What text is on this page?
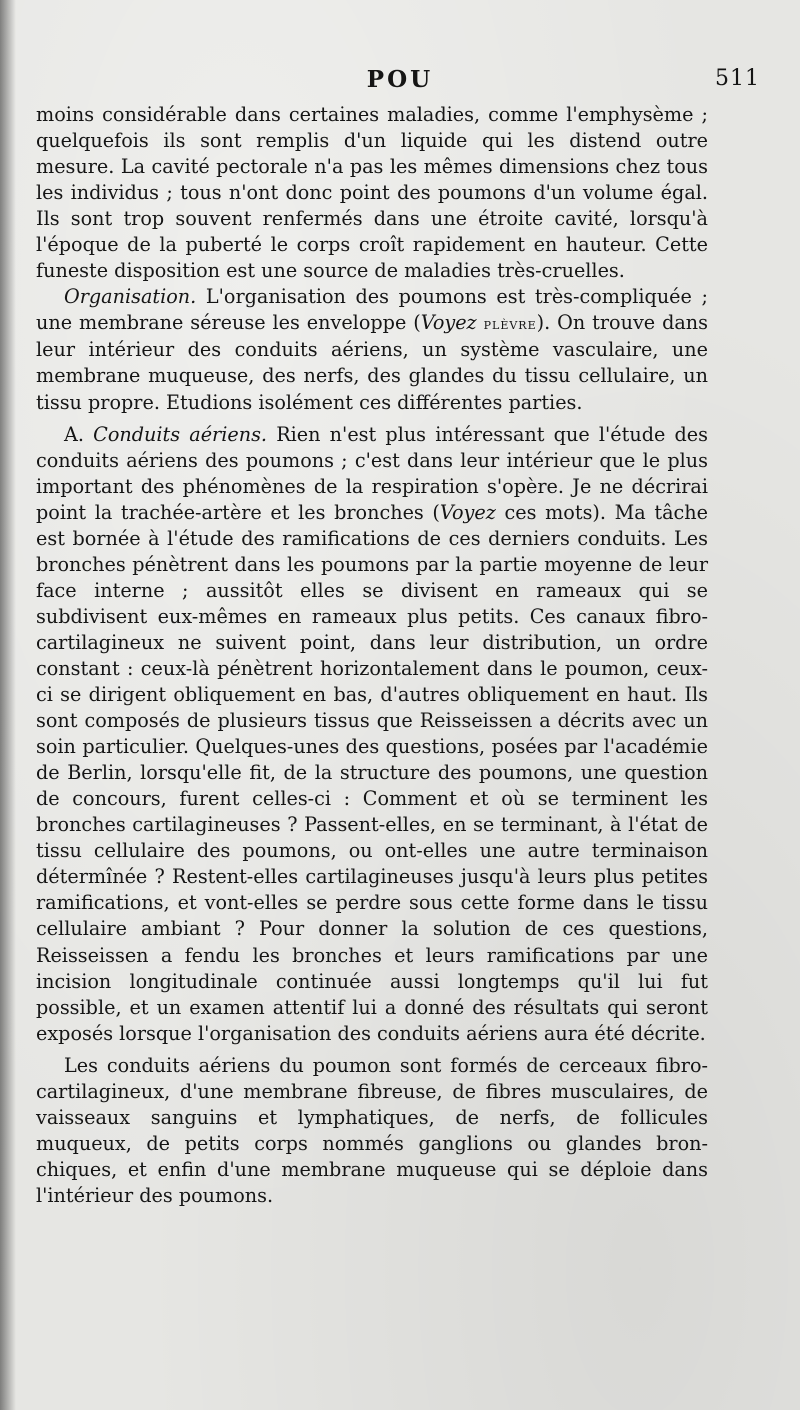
POU	511

moins considérable dans certaines maladies, comme l'emphysème ; quelquefois ils sont remplis d'un liquide qui les distend outre mesure. La cavité pectorale n'a pas les mêmes dimensions chez tous les individus ; tous n'ont donc point des poumons d'un volume égal. Ils sont trop souvent renfermés dans une étroite cavité, lorsqu'à l'époque de la puberté le corps croît rapidement en hauteur. Cette funeste disposition est une source de maladies très-cruelles.

Organisation. L'organisation des poumons est très-compliquée ; une membrane séreuse les enveloppe (Voyez plèvre). On trouve dans leur intérieur des conduits aériens, un système vasculaire, une membrane muqueuse, des nerfs, des glandes du tissu cellulaire, un tissu propre. Etudions isolément ces différentes parties.

A. Conduits aériens. Rien n'est plus intéressant que l'étude des conduits aériens des poumons ; c'est dans leur intérieur que le plus important des phénomènes de la respiration s'opère. Je ne décrirai point la trachée-artère et les bronches (Voyez ces mots). Ma tâche est bornée à l'étude des ramifications de ces derniers conduits. Les bronches pénètrent dans les poumons par la partie moyenne de leur face interne ; aussitôt elles se divisent en rameaux qui se subdivisent eux-mêmes en rameaux plus petits. Ces canaux fibro-cartilagineux ne suivent point, dans leur distribution, un ordre constant : ceux-là pénètrent horizontalement dans le poumon, ceux-ci se dirigent obliquement en bas, d'autres obliquement en haut. Ils sont composés de plusieurs tissus que Reisseissen a décrits avec un soin particulier. Quelques-unes des questions, posées par l'académie de Berlin, lorsqu'elle fit, de la structure des poumons, une question de concours, furent celles-ci : Comment et où se terminent les bronches cartilagineuses ? Passent-elles, en se terminant, à l'état de tissu cellulaire des poumons, ou ont-elles une autre terminaison détermînée ? Restent-elles cartilagineuses jusqu'à leurs plus petites ramifications, et vont-elles se perdre sous cette forme dans le tissu cellulaire ambiant ? Pour donner la solution de ces questions, Reisseissen a fendu les bronches et leurs ramifications par une incision longitudinale continuée aussi longtemps qu'il lui fut possible, et un examen attentif lui a donné des résultats qui seront exposés lorsque l'organisation des conduits aériens aura été décrite.

Les conduits aériens du poumon sont formés de cerceaux fibro-cartilagineux, d'une membrane fibreuse, de fibres musculaires, de vaisseaux sanguins et lymphatiques, de nerfs, de follicules muqueux, de petits corps nommés ganglions ou glandes bronchiques, et enfin d'une membrane muqueuse qui se déploie dans l'intérieur des poumons.
